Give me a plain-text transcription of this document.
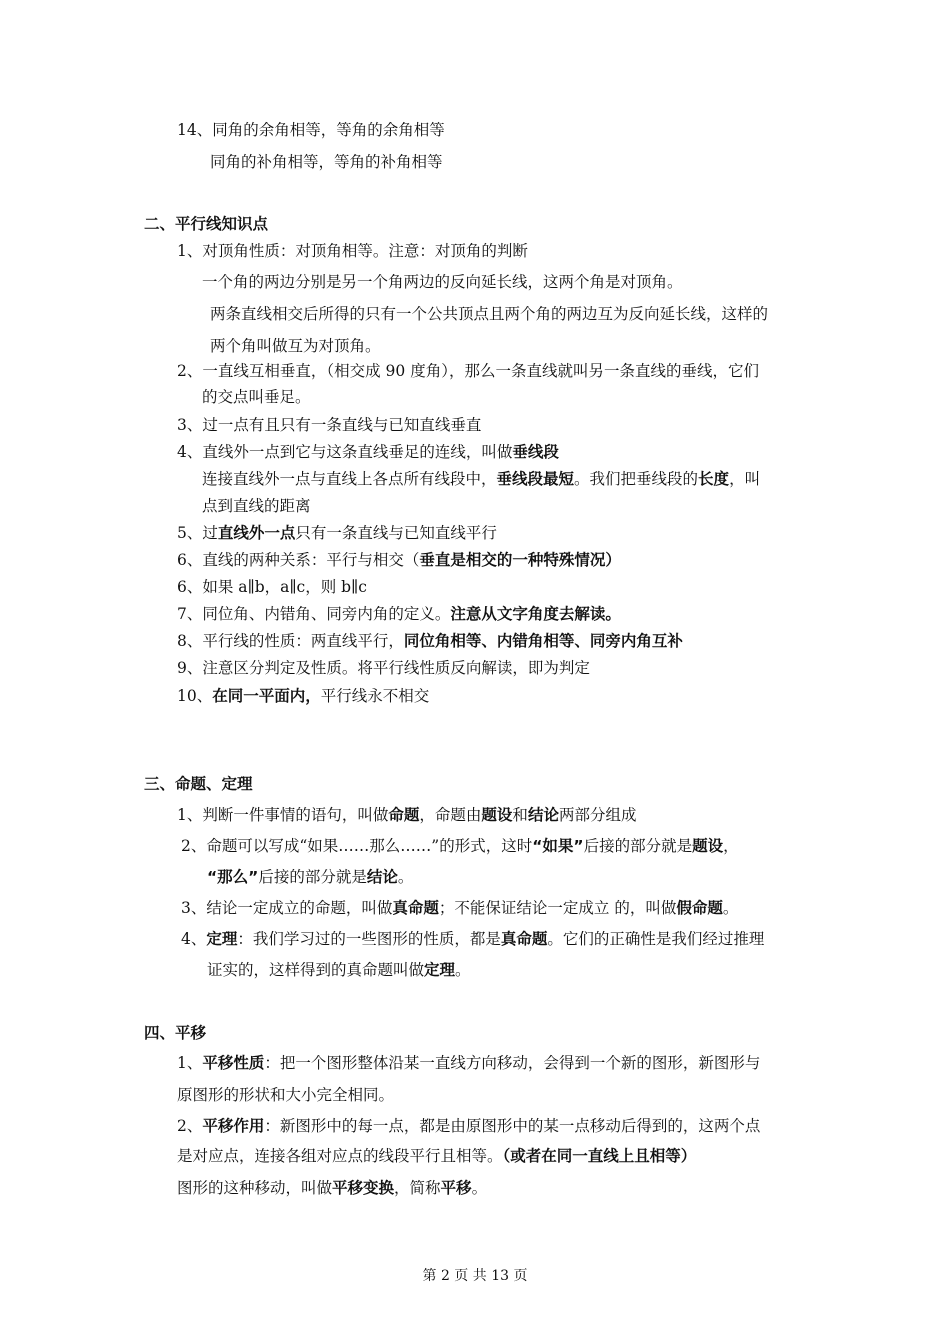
14、同角的余角相等，等角的余角相等
同角的补角相等，等角的补角相等
二、平行线知识点
1、对顶角性质：对顶角相等。注意：对顶角的判断
一个角的两边分别是另一个角两边的反向延长线，这两个角是对顶角。
两条直线相交后所得的只有一个公共顶点且两个角的两边互为反向延长线，这样的
两个角叫做互为对顶角。
2、一直线互相垂直，（相交成 90 度角），那么一条直线就叫另一条直线的垂线，它们
的交点叫垂足。
3、过一点有且只有一条直线与已知直线垂直
4、直线外一点到它与这条直线垂足的连线，叫做垂线段
连接直线外一点与直线上各点所有线段中，垂线段最短。我们把垂线段的长度，叫
点到直线的距离
5、过直线外一点只有一条直线与已知直线平行
6、直线的两种关系：平行与相交（垂直是相交的一种特殊情况）
6、如果 a∥b，a∥c，则 b∥c
7、同位角、内错角、同旁内角的定义。注意从文字角度去解读。
8、平行线的性质：两直线平行，同位角相等、内错角相等、同旁内角互补
9、注意区分判定及性质。将平行线性质反向解读，即为判定
10、在同一平面内，平行线永不相交
三、命题、定理
1、判断一件事情的语句，叫做命题，命题由题设和结论两部分组成
2、命题可以写成“如果……那么……”的形式，这时“如果”后接的部分就是题设，
“那么”后接的部分就是结论。
3、结论一定成立的命题，叫做真命题；不能保证结论一定成立 的，叫做假命题。
4、定理：我们学习过的一些图形的性质，都是真命题。它们的正确性是我们经过推理
证实的，这样得到的真命题叫做定理。
四、平移
1、平移性质：把一个图形整体沿某一直线方向移动，会得到一个新的图形，新图形与
原图形的形状和大小完全相同。
2、平移作用：新图形中的每一点，都是由原图形中的某一点移动后得到的，这两个点
是对应点，连接各组对应点的线段平行且相等。（或者在同一直线上且相等）
图形的这种移动，叫做平移变换，简称平移。
第 2 页 共 13 页
